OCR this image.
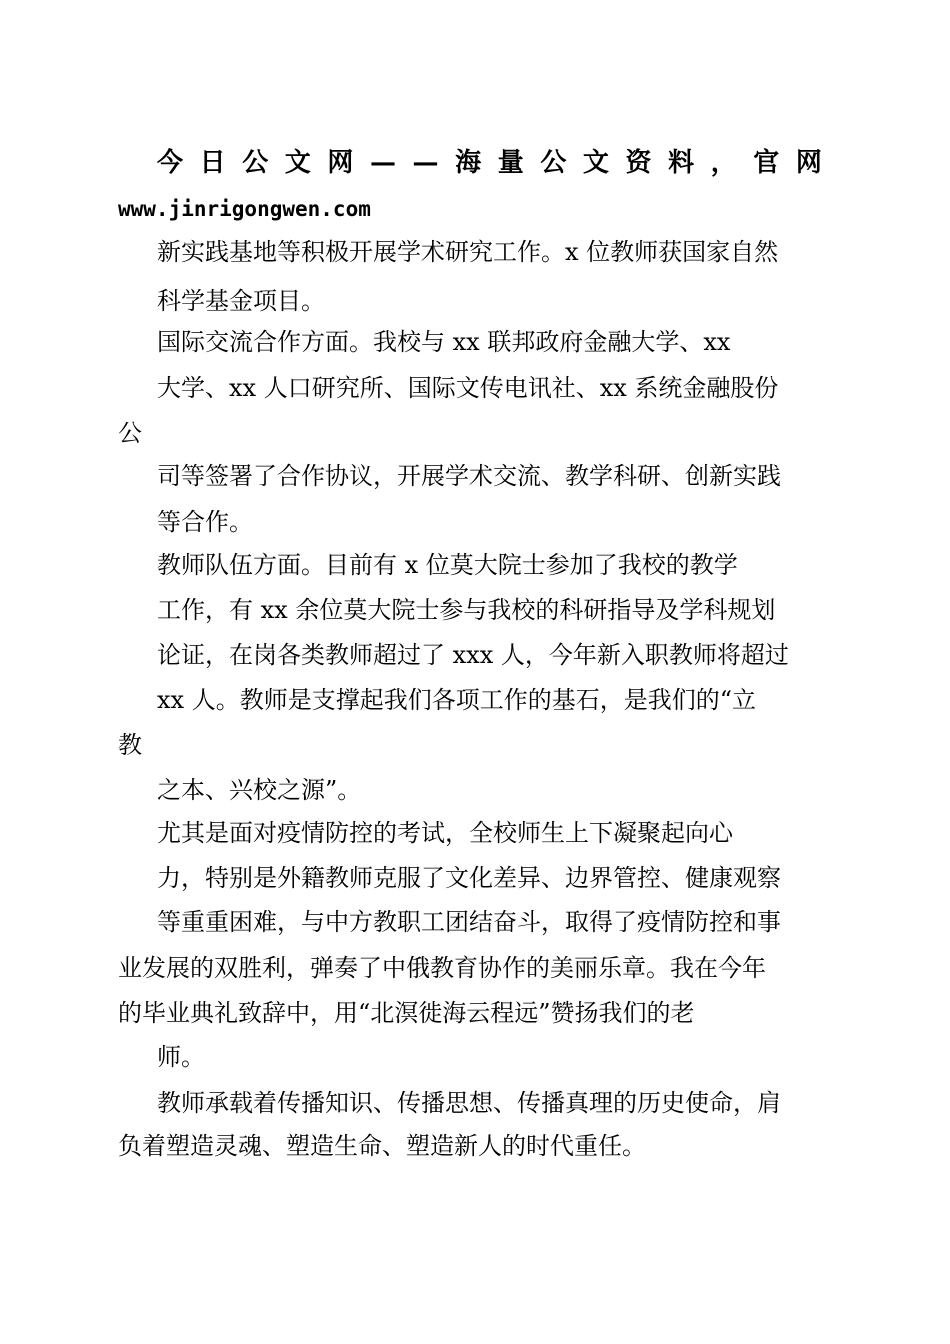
今 日 公 文 网 — — 海 量 公 文 资 料 ， 官 网
www.jinrigongwen.com
新实践基地等积极开展学术研究工作。x 位教师获国家自然
科学基金项目。
国际交流合作方面。我校与 xx 联邦政府金融大学、xx
大学、xx 人口研究所、国际文传电讯社、xx 系统金融股份
公
司等签署了合作协议，开展学术交流、教学科研、创新实践
等合作。
教师队伍方面。目前有 x 位莫大院士参加了我校的教学
工作，有 xx 余位莫大院士参与我校的科研指导及学科规划
论证，在岗各类教师超过了 xxx 人，今年新入职教师将超过
xx 人。教师是支撑起我们各项工作的基石，是我们的“立
教
之本、兴校之源”。
尤其是面对疫情防控的考试，全校师生上下凝聚起向心
力，特别是外籍教师克服了文化差异、边界管控、健康观察
等重重困难，与中方教职工团结奋斗，取得了疫情防控和事
业发展的双胜利，弹奏了中俄教育协作的美丽乐章。我在今年
的毕业典礼致辞中，用“北溟徙海云程远”赞扬我们的老
师。
教师承载着传播知识、传播思想、传播真理的历史使命，肩
负着塑造灵魂、塑造生命、塑造新人的时代重任。
